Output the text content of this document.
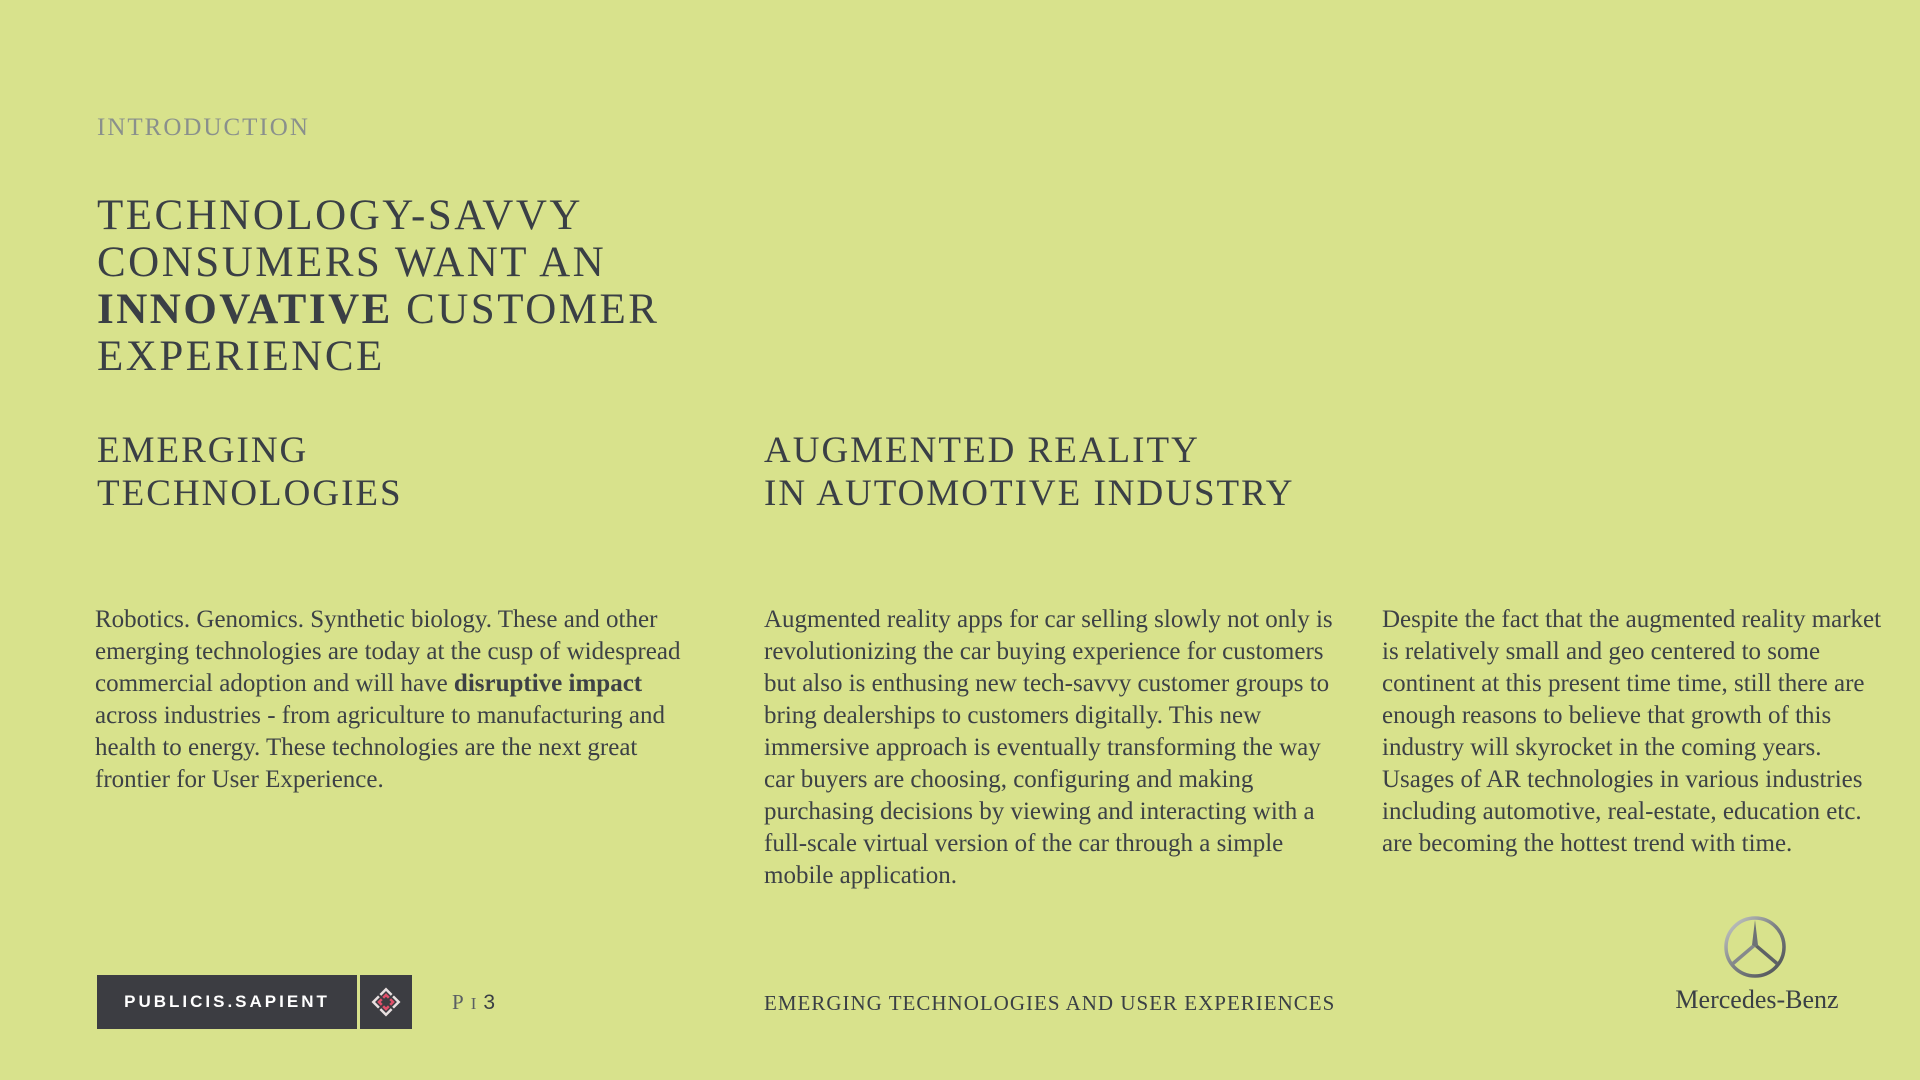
INTRODUCTION
TECHNOLOGY-SAVVY
CONSUMERS WANT AN
INNOVATIVE CUSTOMER
EXPERIENCE
EMERGING
TECHNOLOGIES
AUGMENTED REALITY
IN AUTOMOTIVE INDUSTRY

Robotics. Genomics. Synthetic biology. These and other emerging technologies are today at the cusp of widespread commercial adoption and will have disruptive impact across industries - from agriculture to manufacturing and health to energy. These technologies are the next great frontier for User Experience.

Augmented reality apps for car selling slowly not only is revolutionizing the car buying experience for customers but also is enthusing new tech-savvy customer groups to bring dealerships to customers digitally. This new immersive approach is eventually transforming the way car buyers are choosing, configuring and making purchasing decisions by viewing and interacting with a full-scale virtual version of the car through a simple mobile application.

Despite the fact that the augmented reality market is relatively small and geo centered to some continent at this present time time, still there are enough reasons to believe that growth of this industry will skyrocket in the coming years. Usages of AR technologies in various industries including automotive, real-estate, education etc. are becoming the hottest trend with time.

PUBLICIS.SAPIENT	P I 3	EMERGING TECHNOLOGIES AND USER EXPERIENCES	Mercedes-Benz
